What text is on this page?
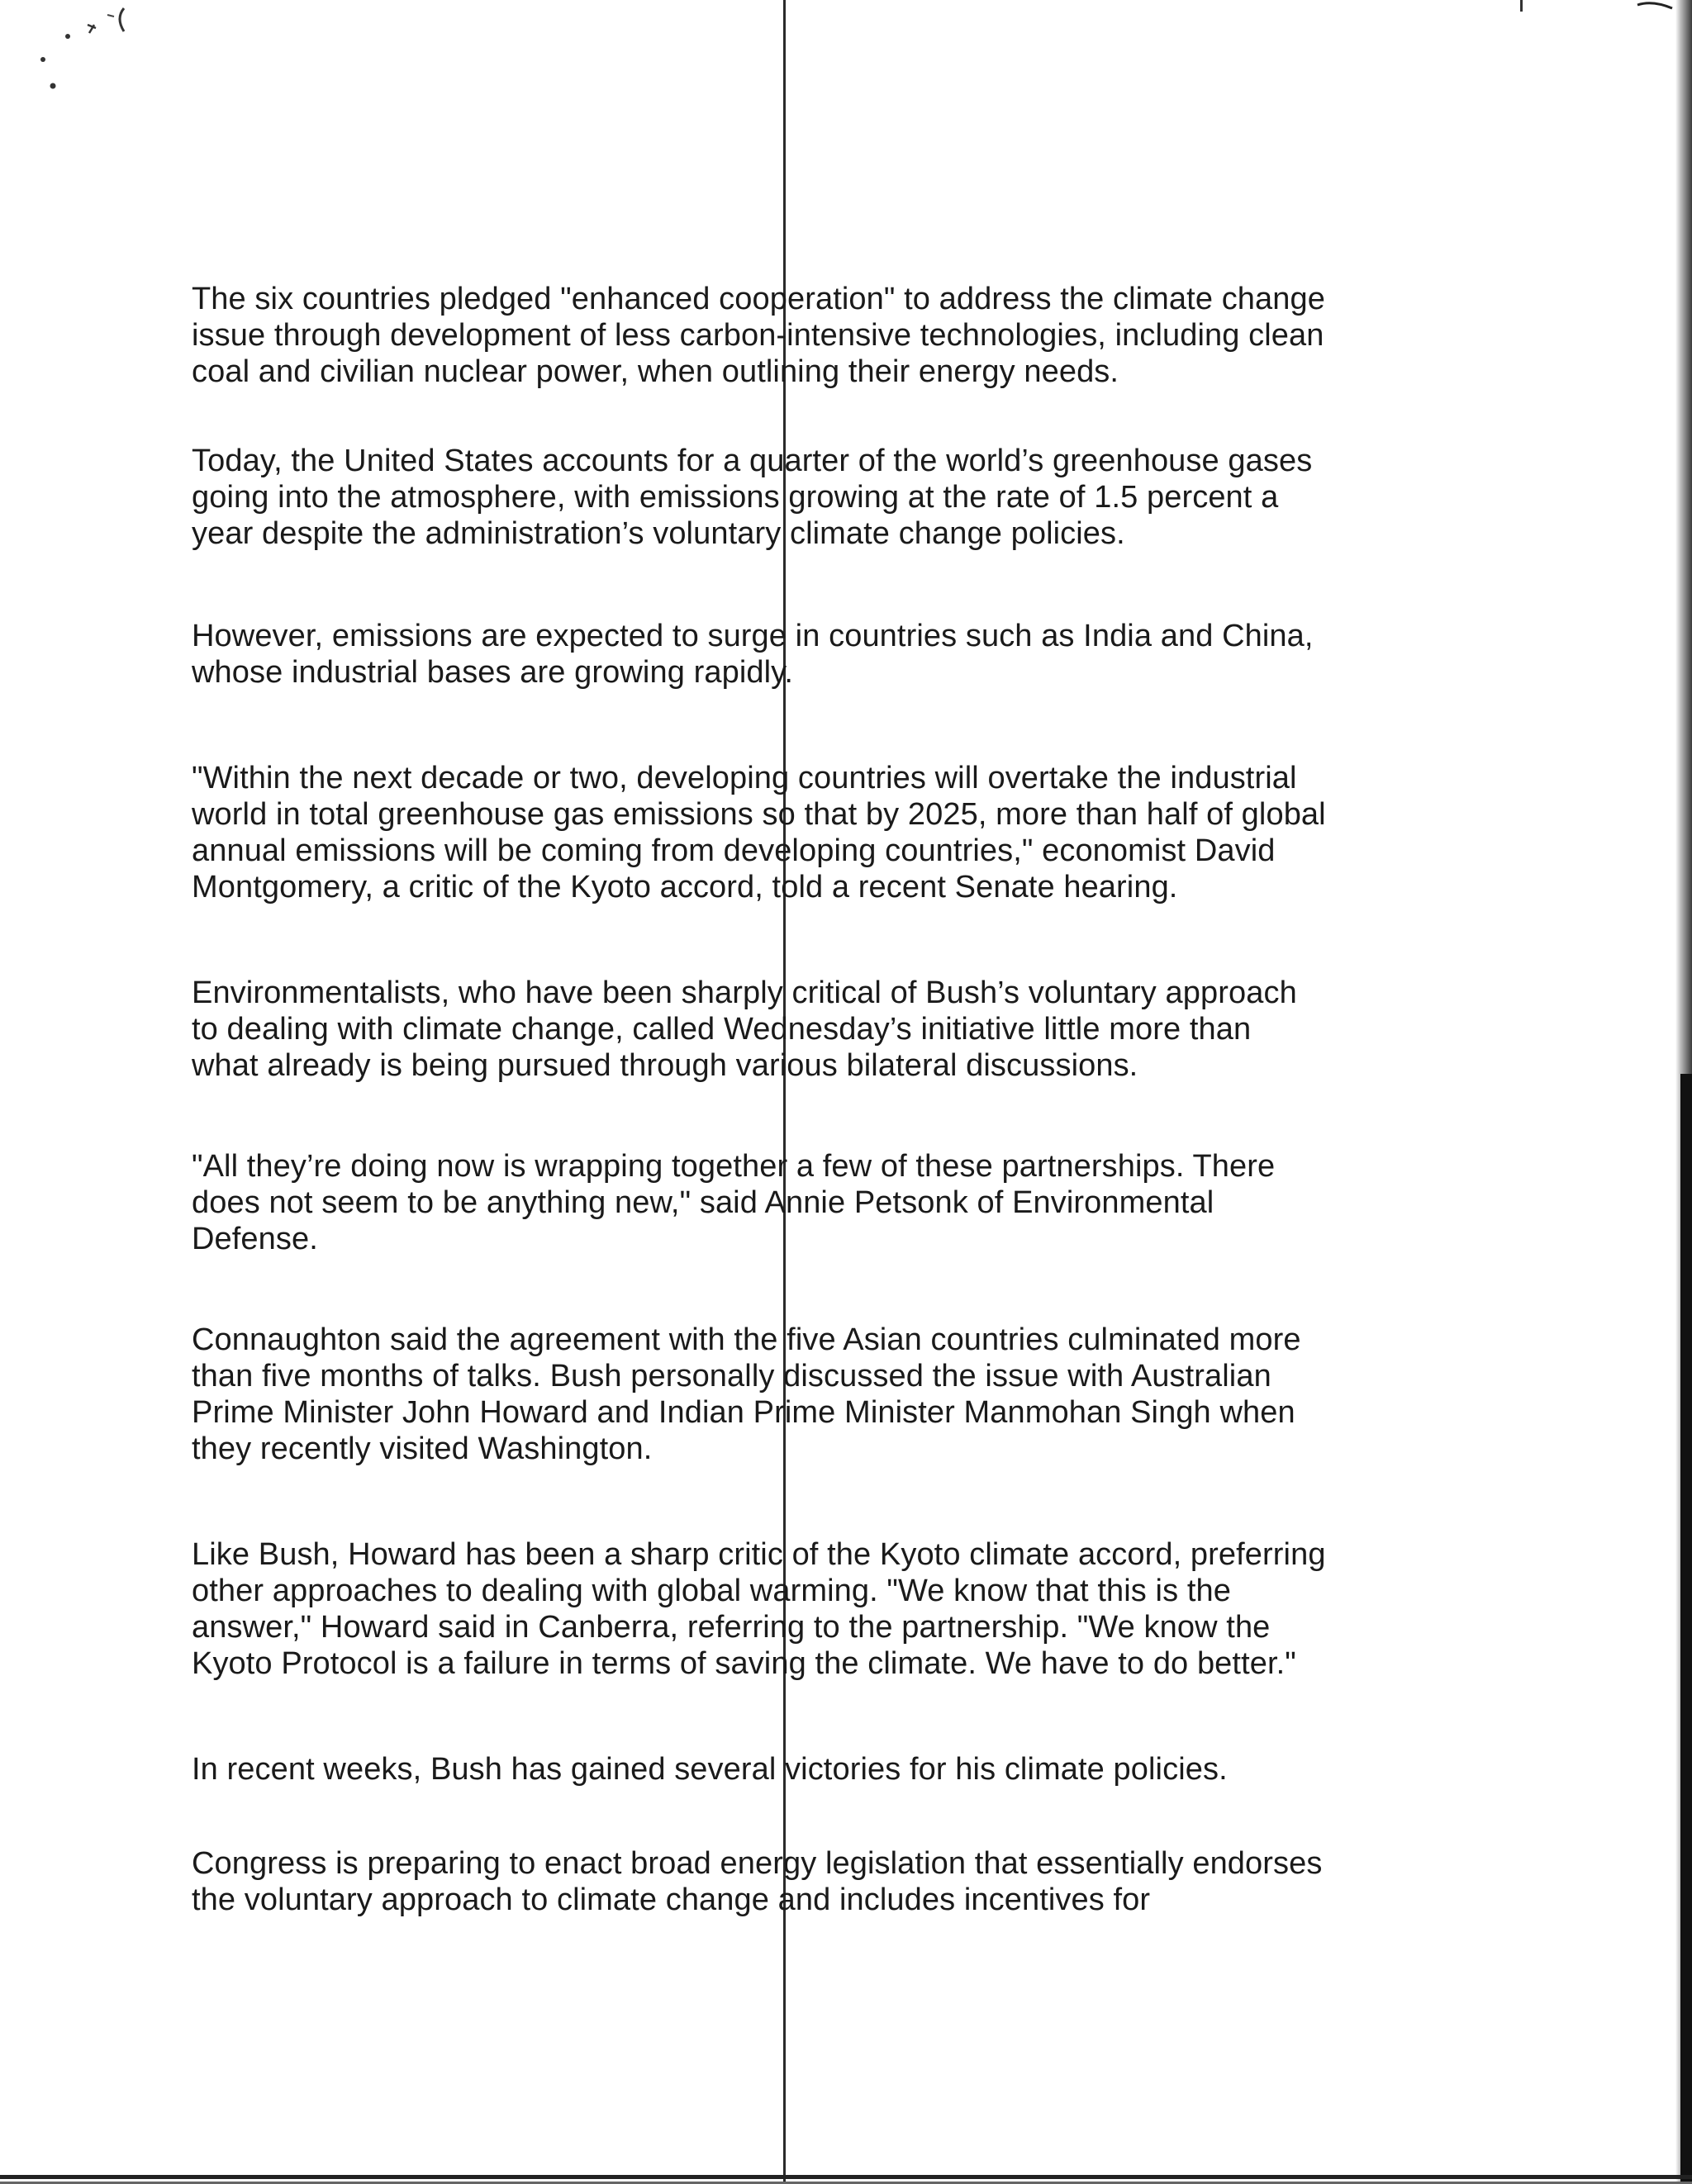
The six countries pledged "enhanced cooperation" to address the climate change
issue through development of less carbon-intensive technologies, including clean
coal and civilian nuclear power, when outlining their energy needs.

Today, the United States accounts for a quarter of the world’s greenhouse gases
going into the atmosphere, with emissions growing at the rate of 1.5 percent a
year despite the administration’s voluntary climate change policies.

However, emissions are expected to surge in countries such as India and China,
whose industrial bases are growing rapidly.

"Within the next decade or two, developing countries will overtake the industrial
world in total greenhouse gas emissions so that by 2025, more than half of global
annual emissions will be coming from developing countries," economist David
Montgomery, a critic of the Kyoto accord, told a recent Senate hearing.

Environmentalists, who have been sharply critical of Bush’s voluntary approach
to dealing with climate change, called Wednesday’s initiative little more than
what already is being pursued through various bilateral discussions.

"All they’re doing now is wrapping together a few of these partnerships. There
does not seem to be anything new," said Annie Petsonk of Environmental
Defense.

Connaughton said the agreement with the five Asian countries culminated more
than five months of talks. Bush personally discussed the issue with Australian
Prime Minister John Howard and Indian Prime Minister Manmohan Singh when
they recently visited Washington.

Like Bush, Howard has been a sharp critic of the Kyoto climate accord, preferring
other approaches to dealing with global warming. "We know that this is the
answer," Howard said in Canberra, referring to the partnership. "We know the
Kyoto Protocol is a failure in terms of saving the climate. We have to do better."

In recent weeks, Bush has gained several victories for his climate policies.

Congress is preparing to enact broad energy legislation that essentially endorses
the voluntary approach to climate change and includes incentives for
